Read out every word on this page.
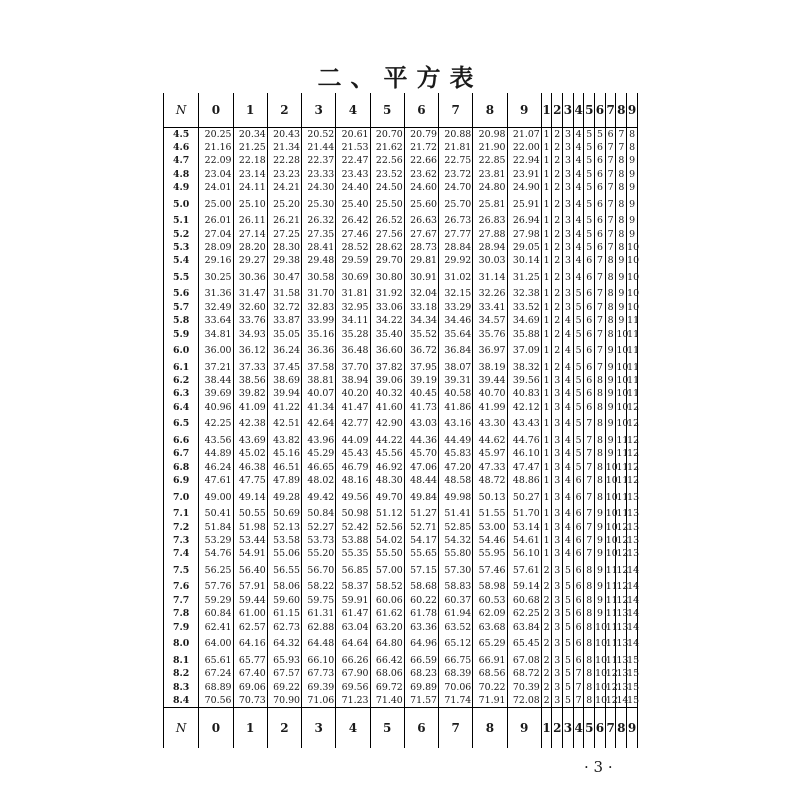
二、平方表
N	0	1	2	3	4	5	6	7	8	9	1	2	3	4	5	6	7	8	9
4.5	20.25	20.34	20.43	20.52	20.61	20.70	20.79	20.88	20.98	21.07	1	2	3	4	5	5	6	7	8
4.6	21.16	21.25	21.34	21.44	21.53	21.62	21.72	21.81	21.90	22.00	1	2	3	4	5	6	7	7	8
4.7	22.09	22.18	22.28	22.37	22.47	22.56	22.66	22.75	22.85	22.94	1	2	3	4	5	6	7	8	9
4.8	23.04	23.14	23.23	23.33	23.43	23.52	23.62	23.72	23.81	23.91	1	2	3	4	5	6	7	8	9
4.9	24.01	24.11	24.21	24.30	24.40	24.50	24.60	24.70	24.80	24.90	1	2	3	4	5	6	7	8	9
5.0	25.00	25.10	25.20	25.30	25.40	25.50	25.60	25.70	25.81	25.91	1	2	3	4	5	6	7	8	9
5.1	26.01	26.11	26.21	26.32	26.42	26.52	26.63	26.73	26.83	26.94	1	2	3	4	5	6	7	8	9
5.2	27.04	27.14	27.25	27.35	27.46	27.56	27.67	27.77	27.88	27.98	1	2	3	4	5	6	7	8	9
5.3	28.09	28.20	28.30	28.41	28.52	28.62	28.73	28.84	28.94	29.05	1	2	3	4	5	6	7	8	10
5.4	29.16	29.27	29.38	29.48	29.59	29.70	29.81	29.92	30.03	30.14	1	2	3	4	6	7	8	9	10
5.5	30.25	30.36	30.47	30.58	30.69	30.80	30.91	31.02	31.14	31.25	1	2	3	4	6	7	8	9	10
5.6	31.36	31.47	31.58	31.70	31.81	31.92	32.04	32.15	32.26	32.38	1	2	3	5	6	7	8	9	10
5.7	32.49	32.60	32.72	32.83	32.95	33.06	33.18	33.29	33.41	33.52	1	2	3	5	6	7	8	9	10
5.8	33.64	33.76	33.87	33.99	34.11	34.22	34.34	34.46	34.57	34.69	1	2	4	5	6	7	8	9	11
5.9	34.81	34.93	35.05	35.16	35.28	35.40	35.52	35.64	35.76	35.88	1	2	4	5	6	7	8	10	11
6.0	36.00	36.12	36.24	36.36	36.48	36.60	36.72	36.84	36.97	37.09	1	2	4	5	6	7	9	10	11
6.1	37.21	37.33	37.45	37.58	37.70	37.82	37.95	38.07	38.19	38.32	1	2	4	5	6	7	9	10	11
6.2	38.44	38.56	38.69	38.81	38.94	39.06	39.19	39.31	39.44	39.56	1	3	4	5	6	8	9	10	11
6.3	39.69	39.82	39.94	40.07	40.20	40.32	40.45	40.58	40.70	40.83	1	3	4	5	6	8	9	10	11
6.4	40.96	41.09	41.22	41.34	41.47	41.60	41.73	41.86	41.99	42.12	1	3	4	5	6	8	9	10	12
6.5	42.25	42.38	42.51	42.64	42.77	42.90	43.03	43.16	43.30	43.43	1	3	4	5	7	8	9	10	12
6.6	43.56	43.69	43.82	43.96	44.09	44.22	44.36	44.49	44.62	44.76	1	3	4	5	7	8	9	11	12
6.7	44.89	45.02	45.16	45.29	45.43	45.56	45.70	45.83	45.97	46.10	1	3	4	5	7	8	9	11	12
6.8	46.24	46.38	46.51	46.65	46.79	46.92	47.06	47.20	47.33	47.47	1	3	4	5	7	8	10	11	12
6.9	47.61	47.75	47.89	48.02	48.16	48.30	48.44	48.58	48.72	48.86	1	3	4	6	7	8	10	11	12
7.0	49.00	49.14	49.28	49.42	49.56	49.70	49.84	49.98	50.13	50.27	1	3	4	6	7	8	10	11	13
7.1	50.41	50.55	50.69	50.84	50.98	51.12	51.27	51.41	51.55	51.70	1	3	4	6	7	9	10	11	13
7.2	51.84	51.98	52.13	52.27	52.42	52.56	52.71	52.85	53.00	53.14	1	3	4	6	7	9	10	12	13
7.3	53.29	53.44	53.58	53.73	53.88	54.02	54.17	54.32	54.46	54.61	1	3	4	6	7	9	10	12	13
7.4	54.76	54.91	55.06	55.20	55.35	55.50	55.65	55.80	55.95	56.10	1	3	4	6	7	9	10	12	13
7.5	56.25	56.40	56.55	56.70	56.85	57.00	57.15	57.30	57.46	57.61	2	3	5	6	8	9	11	12	14
7.6	57.76	57.91	58.06	58.22	58.37	58.52	58.68	58.83	58.98	59.14	2	3	5	6	8	9	11	12	14
7.7	59.29	59.44	59.60	59.75	59.91	60.06	60.22	60.37	60.53	60.68	2	3	5	6	8	9	11	12	14
7.8	60.84	61.00	61.15	61.31	61.47	61.62	61.78	61.94	62.09	62.25	2	3	5	6	8	9	11	13	14
7.9	62.41	62.57	62.73	62.88	63.04	63.20	63.36	63.52	63.68	63.84	2	3	5	6	8	10	11	13	14
8.0	64.00	64.16	64.32	64.48	64.64	64.80	64.96	65.12	65.29	65.45	2	3	5	6	8	10	11	13	14
8.1	65.61	65.77	65.93	66.10	66.26	66.42	66.59	66.75	66.91	67.08	2	3	5	6	8	10	11	13	15
8.2	67.24	67.40	67.57	67.73	67.90	68.06	68.23	68.39	68.56	68.72	2	3	5	7	8	10	12	13	15
8.3	68.89	69.06	69.22	69.39	69.56	69.72	69.89	70.06	70.22	70.39	2	3	5	7	8	10	12	13	15
8.4	70.56	70.73	70.90	71.06	71.23	71.40	71.57	71.74	71.91	72.08	2	3	5	7	8	10	12	14	15
N	0	1	2	3	4	5	6	7	8	9	1	2	3	4	5	6	7	8	9
· 3 ·
